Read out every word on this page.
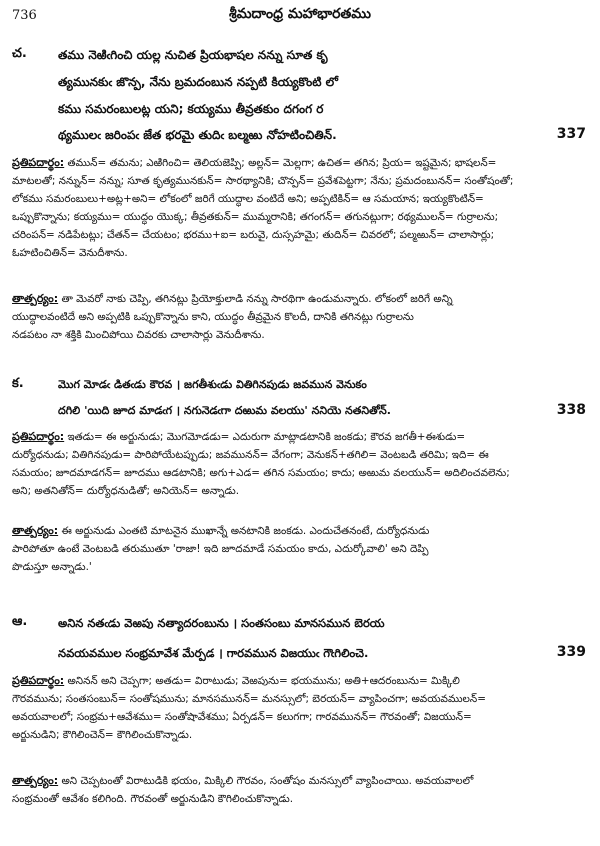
736	శ్రీమదాంధ్ర మహాభారతము
చ.	తము నెఱిఁగించి యల్ల నుచిత ప్రియభాషల నన్ను సూత కృ
త్యమునకుఁ జొన్ప, నేను బ్రమదంబున నప్పటి కియ్యకొంటి లో
కము సమరంబులట్ల యని; కయ్యము తీవ్రతకుం దగంగ ర
థ్యములఁ జరింపఁ జేత భరమై తుదిఁ బల్మఱు నోహటించితిన్.	337
ప్రతిపదార్థం: తమున్= తమను; ఎఱిగించి= తెలియజెప్పి; అల్లన్= మెల్లగా; ఉచిత= తగిన; ప్రియ= ఇష్టమైన; భాషలన్=
మాటలతో; నన్నున్= నన్ను; సూత కృత్యమునకున్= సారథ్యానికి; చొన్పన్= ప్రవేశపెట్టగా; నేను; ప్రమదంబునన్= సంతోషంతో;
లోకము సమరంబులు+అట్ల+అని= లోకంలో జరిగే యుద్ధాల వంటిదే అని; అప్పటికిన్= ఆ సమయాన; ఇయ్యకొంటిన్=
ఒప్పుకొన్నాను; కయ్యము= యుద్ధం యొక్క; తీవ్రతకున్= ముమ్మరానికి; తగంగన్= తగునట్లుగా; రథ్యములన్= గుర్రాలను;
చరింపన్= నడిపేటట్లు; చేతన్= చేయటం; భరము+ఐ= బరువై, దుస్సహమై; తుదిన్= చివరలో; పల్మఱున్= చాలాసార్లు;
ఓహటించితిన్= వెనుదీశాను.
తాత్పర్యం: తా మెవరో నాకు చెప్పి, తగినట్లు ప్రియోక్తులాడి నన్ను సారథిగా ఉండుమన్నారు. లోకంలో జరిగే అన్ని
యుద్ధాలవంటిదే అని అప్పటికి ఒప్పుకొన్నాను కాని, యుద్ధం తీవ్రమైన కొలదీ, దానికి తగినట్లు గుర్రాలను
నడపటం నా శక్తికి మించిపోయి చివరకు చాలాసార్లు వెనుదీశాను.
క.	మొగ మోడఁ డితఁడు కౌరవ । జగతీశుఁడు వితిగినపుడు జవమున వెనుకం
దగిలి 'యిది జూద మాడఁగ । నగునెడఁగా దఱుమ వలయు' ననియె నతనితోన్.	338
ప్రతిపదార్థం: ఇతడు= ఈ అర్జునుడు; మొగమోడడు= ఎదురుగా మాట్లాడటానికి జంకడు; కౌరవ జగతీ+ఈశుడు=
దుర్యోధనుడు; వితిగినపుడు= పారిపోయేటప్పుడు; జవమునన్= వేగంగా; వెనుకన్+తగిలి= వెంటబడి తరిమి; ఇది= ఈ
సమయం; జూదమాడగన్= జూదము ఆడటానికి; అగు+ఎడ= తగిన సమయం; కాదు; అఱుమ వలయున్= అదిలించవలెను;
అని; అతనితోన్= దుర్యోధనుడితో; అనియెన్= అన్నాడు.
తాత్పర్యం: ఈ అర్జునుడు ఎంతటి మాటనైన ముఖాన్నే అనటానికి జంకడు. ఎందుచేతనంటే, దుర్యోధనుడు
పారిపోతూ ఉంటే వెంటబడి తరుముతూ 'రాజా! ఇది జూదమాడే సమయం కాదు, ఎదుర్కోవాలి' అని దెప్పి
పొడుస్తూ అన్నాడు.'
ఆ.	అనిన నతఁడు వెఱపు నత్యాదరంబును । సంతసంబు మానసమున బెరయ
నవయవముల సంభ్రమావేశ మేర్పడ । గారవమున విజయుఁ గౌఁగిలించె.	339
ప్రతిపదార్థం: అనినన్ అని చెప్పగా; అతడు= విరాటుడు; వెఱపును= భయమును; అతి+ఆదరంబును= మిక్కిలి
గౌరవమును; సంతసంబున్= సంతోషమును; మానసమునన్= మనస్సులో; బెరయన్= వ్యాపించగా; అవయవములన్=
అవయవాలలో; సంభ్రమ+ఆవేశము= సంతోషావేశము; ఏర్పడన్= కలుగగా; గారవమునన్= గౌరవంతో; విజయున్=
అర్జునుడిని; కౌగిలించెన్= కౌగిలించుకొన్నాడు.
తాత్పర్యం: అని చెప్పటంతో విరాటుడికి భయం, మిక్కిలి గౌరవం, సంతోషం మనస్సులో వ్యాపించాయి. అవయవాలలో
సంభ్రమంతో ఆవేశం కలిగింది. గౌరవంతో అర్జునుడిని కౌగిలించుకొన్నాడు.
